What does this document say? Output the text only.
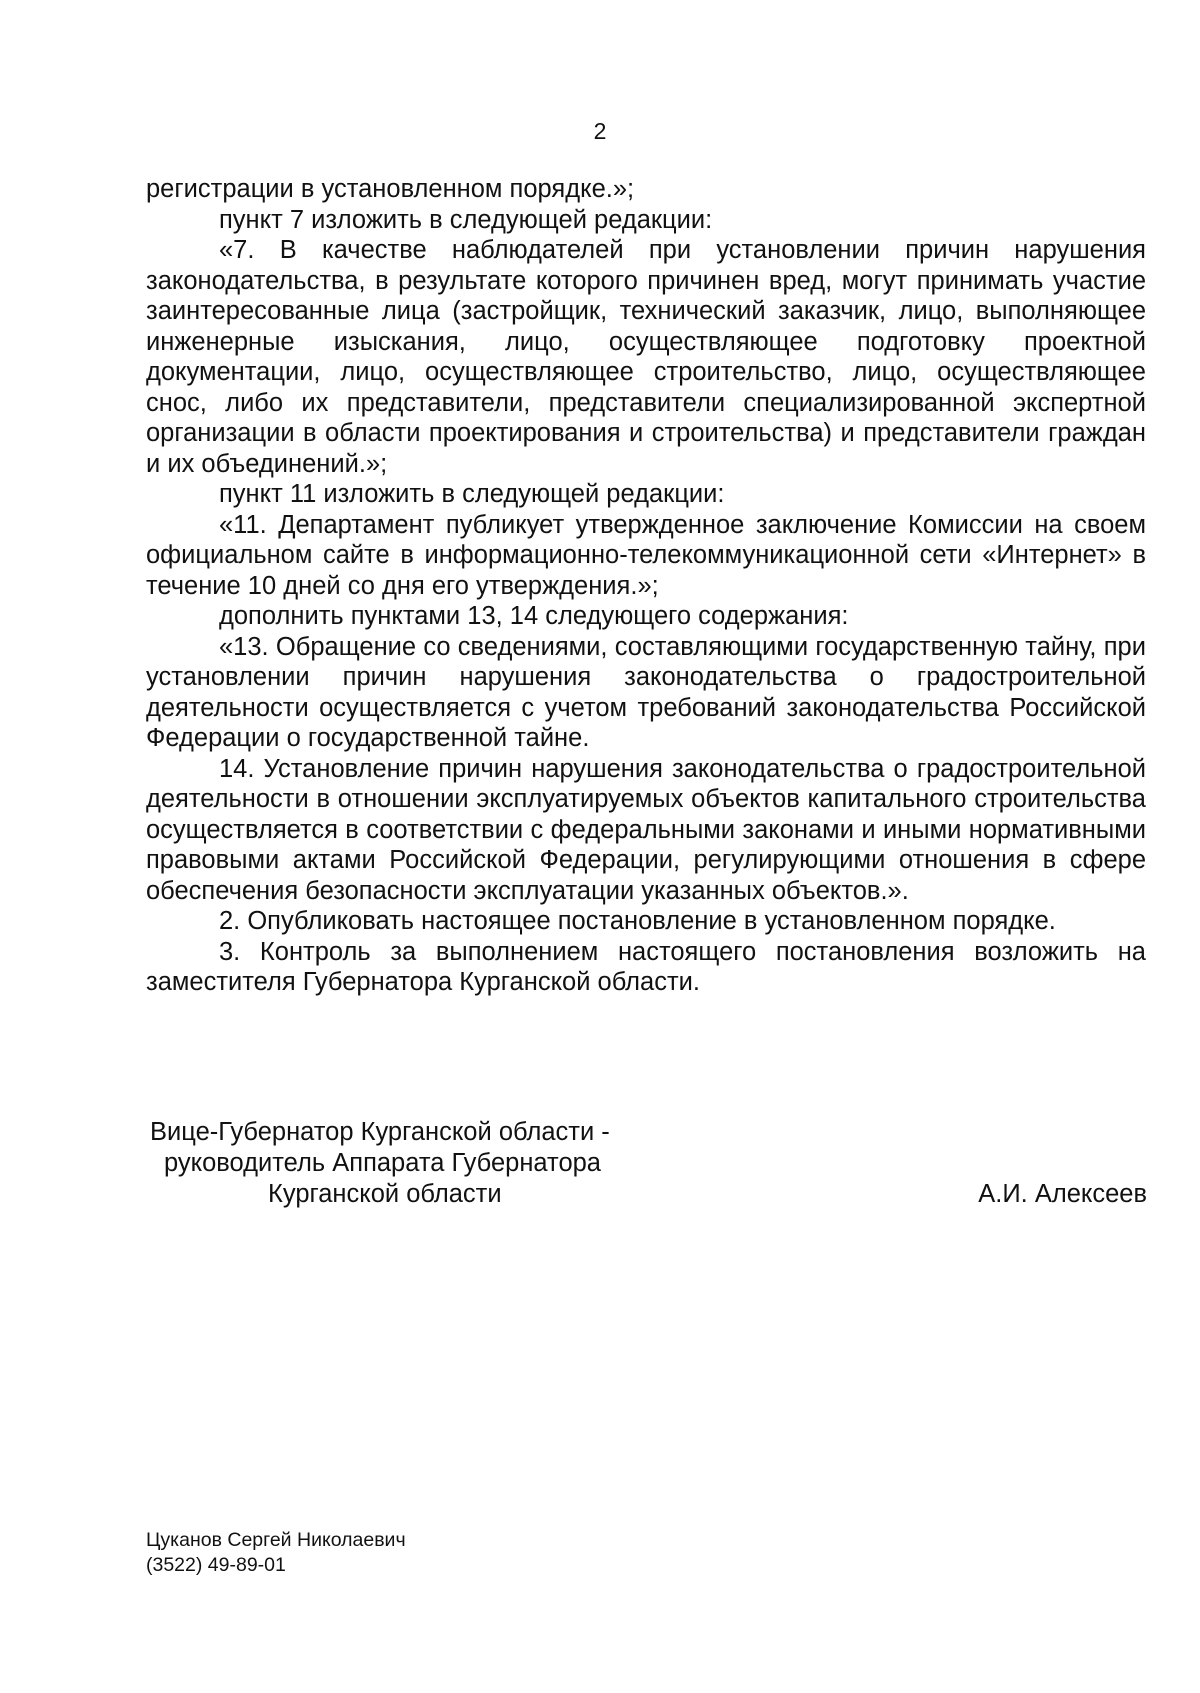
2

регистрации в установленном порядке.»;

пункт 7 изложить в следующей редакции:

«7. В качестве наблюдателей при установлении причин нарушения законодательства, в результате которого причинен вред, могут принимать участие заинтересованные лица (застройщик, технический заказчик, лицо, выполняющее инженерные изыскания, лицо, осуществляющее подготовку проектной документации, лицо, осуществляющее строительство, лицо, осуществляющее снос, либо их представители, представители специализированной экспертной организации в области проектирования и строительства) и представители граждан и их объединений.»;

пункт 11 изложить в следующей редакции:

«11. Департамент публикует утвержденное заключение Комиссии на своем официальном сайте в информационно-телекоммуникационной сети «Интернет» в течение 10 дней со дня его утверждения.»;

дополнить пунктами 13, 14 следующего содержания:

«13. Обращение со сведениями, составляющими государственную тайну, при установлении причин нарушения законодательства о градостроительной деятельности осуществляется с учетом требований законодательства Российской Федерации о государственной тайне.

14. Установление причин нарушения законодательства о градостроительной деятельности в отношении эксплуатируемых объектов капитального строительства осуществляется в соответствии с федеральными законами и иными нормативными правовыми актами Российской Федерации, регулирующими отношения в сфере обеспечения безопасности эксплуатации указанных объектов.».

2. Опубликовать настоящее постановление в установленном порядке.

3. Контроль за выполнением настоящего постановления возложить на заместителя Губернатора Курганской области.

Вице-Губернатор Курганской области -
руководитель Аппарата Губернатора
Курганской области	А.И. Алексеев
Цуканов Сергей Николаевич
(3522) 49-89-01
